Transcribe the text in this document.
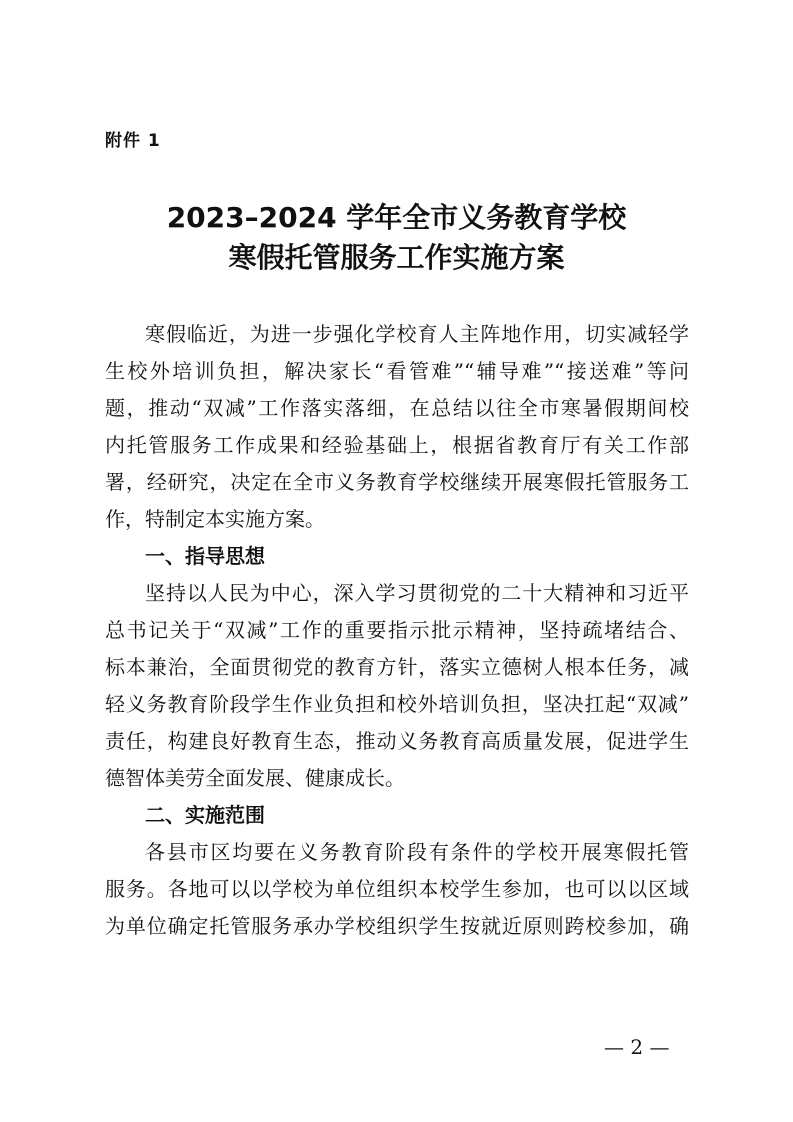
附件 1
2023–2024 学年全市义务教育学校
寒假托管服务工作实施方案
寒假临近，为进一步强化学校育人主阵地作用，切实减轻学
生校外培训负担，解决家长“看管难”“辅导难”“接送难”等问
题，推动“双减”工作落实落细，在总结以往全市寒暑假期间校
内托管服务工作成果和经验基础上，根据省教育厅有关工作部
署，经研究，决定在全市义务教育学校继续开展寒假托管服务工
作，特制定本实施方案。
一、指导思想
坚持以人民为中心，深入学习贯彻党的二十大精神和习近平
总书记关于“双减”工作的重要指示批示精神，坚持疏堵结合、
标本兼治，全面贯彻党的教育方针，落实立德树人根本任务，减
轻义务教育阶段学生作业负担和校外培训负担，坚决扛起“双减”
责任，构建良好教育生态，推动义务教育高质量发展，促进学生
德智体美劳全面发展、健康成长。
二、实施范围
各县市区均要在义务教育阶段有条件的学校开展寒假托管
服务。各地可以以学校为单位组织本校学生参加，也可以以区域
为单位确定托管服务承办学校组织学生按就近原则跨校参加，确
— 2 —
